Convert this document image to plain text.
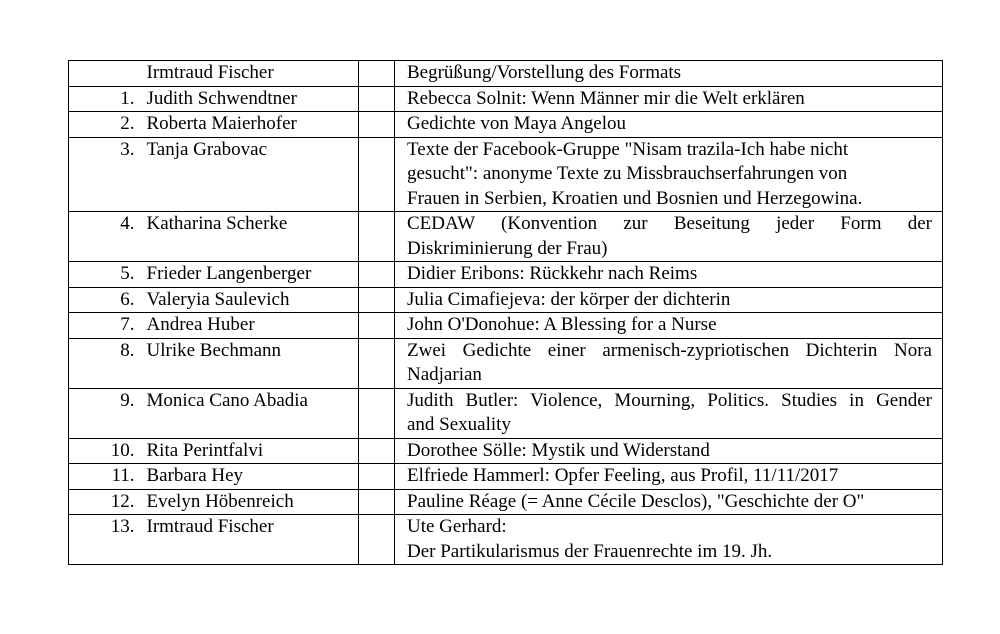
	Irmtraud Fischer		Begrüßung/Vorstellung des Formats

1.	Judith Schwendtner		Rebecca Solnit: Wenn Männer mir die Welt erklären

2.	Roberta Maierhofer		Gedichte von Maya Angelou

3.	Tanja Grabovac		Texte der Facebook-Gruppe "Nisam trazila-Ich habe nicht
gesucht": anonyme Texte zu Missbrauchserfahrungen von
Frauen in Serbien, Kroatien und Bosnien und Herzegowina.

4.	Katharina Scherke		CEDAW (Konvention zur Beseitung jeder Form der
Diskriminierung der Frau)

5.	Frieder Langenberger		Didier Eribons: Rückkehr nach Reims

6.	Valeryia Saulevich		Julia Cimafiejeva: der körper der dichterin

7.	Andrea Huber		John O'Donohue: A Blessing for a Nurse

8.	Ulrike Bechmann		Zwei Gedichte einer armenisch-zypriotischen Dichterin Nora
Nadjarian

9.	Monica Cano Abadia		Judith Butler: Violence, Mourning, Politics. Studies in Gender
and Sexuality

10.	Rita Perintfalvi		Dorothee Sölle: Mystik und Widerstand

11.	Barbara Hey		Elfriede Hammerl: Opfer Feeling, aus Profil, 11/11/2017

12.	Evelyn Höbenreich		Pauline Réage (= Anne Cécile Desclos), "Geschichte der O"

13.	Irmtraud Fischer		Ute Gerhard:
Der Partikularismus der Frauenrechte im 19. Jh.
